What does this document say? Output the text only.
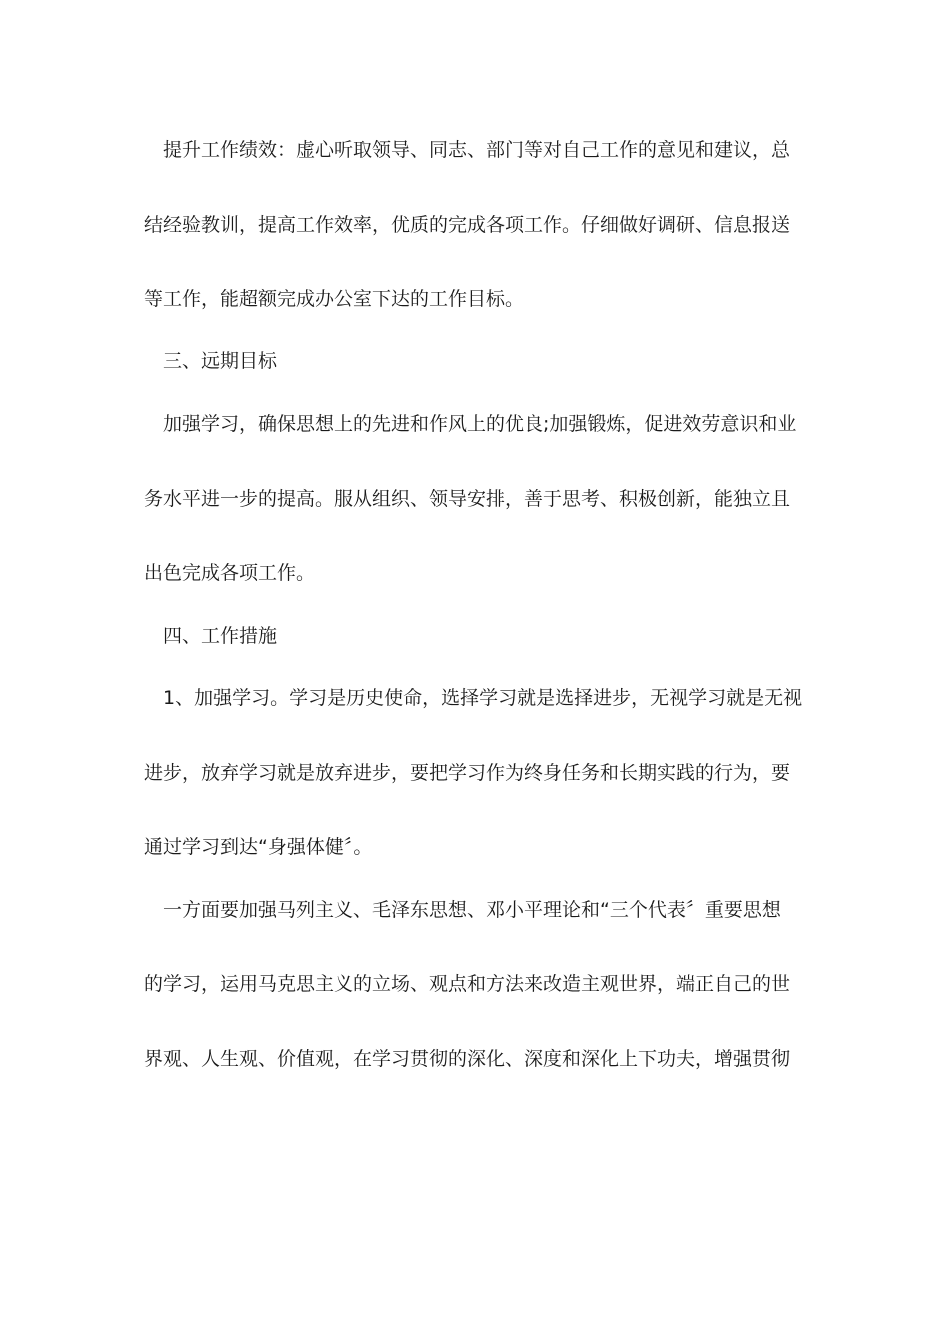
提升工作绩效：虚心听取领导、同志、部门等对自己工作的意见和建议，总
结经验教训，提高工作效率，优质的完成各项工作。仔细做好调研、信息报送
等工作，能超额完成办公室下达的工作目标。
三、远期目标
加强学习，确保思想上的先进和作风上的优良;加强锻炼，促进效劳意识和业
务水平进一步的提高。服从组织、领导安排，善于思考、积极创新，能独立且
出色完成各项工作。
四、工作措施
1、加强学习。学习是历史使命，选择学习就是选择进步，无视学习就是无视
进步，放弃学习就是放弃进步，要把学习作为终身任务和长期实践的行为，要
通过学习到达“身强体健〞。
一方面要加强马列主义、毛泽东思想、邓小平理论和“三个代表〞重要思想
的学习，运用马克思主义的立场、观点和方法来改造主观世界，端正自己的世
界观、人生观、价值观，在学习贯彻的深化、深度和深化上下功夫，增强贯彻
